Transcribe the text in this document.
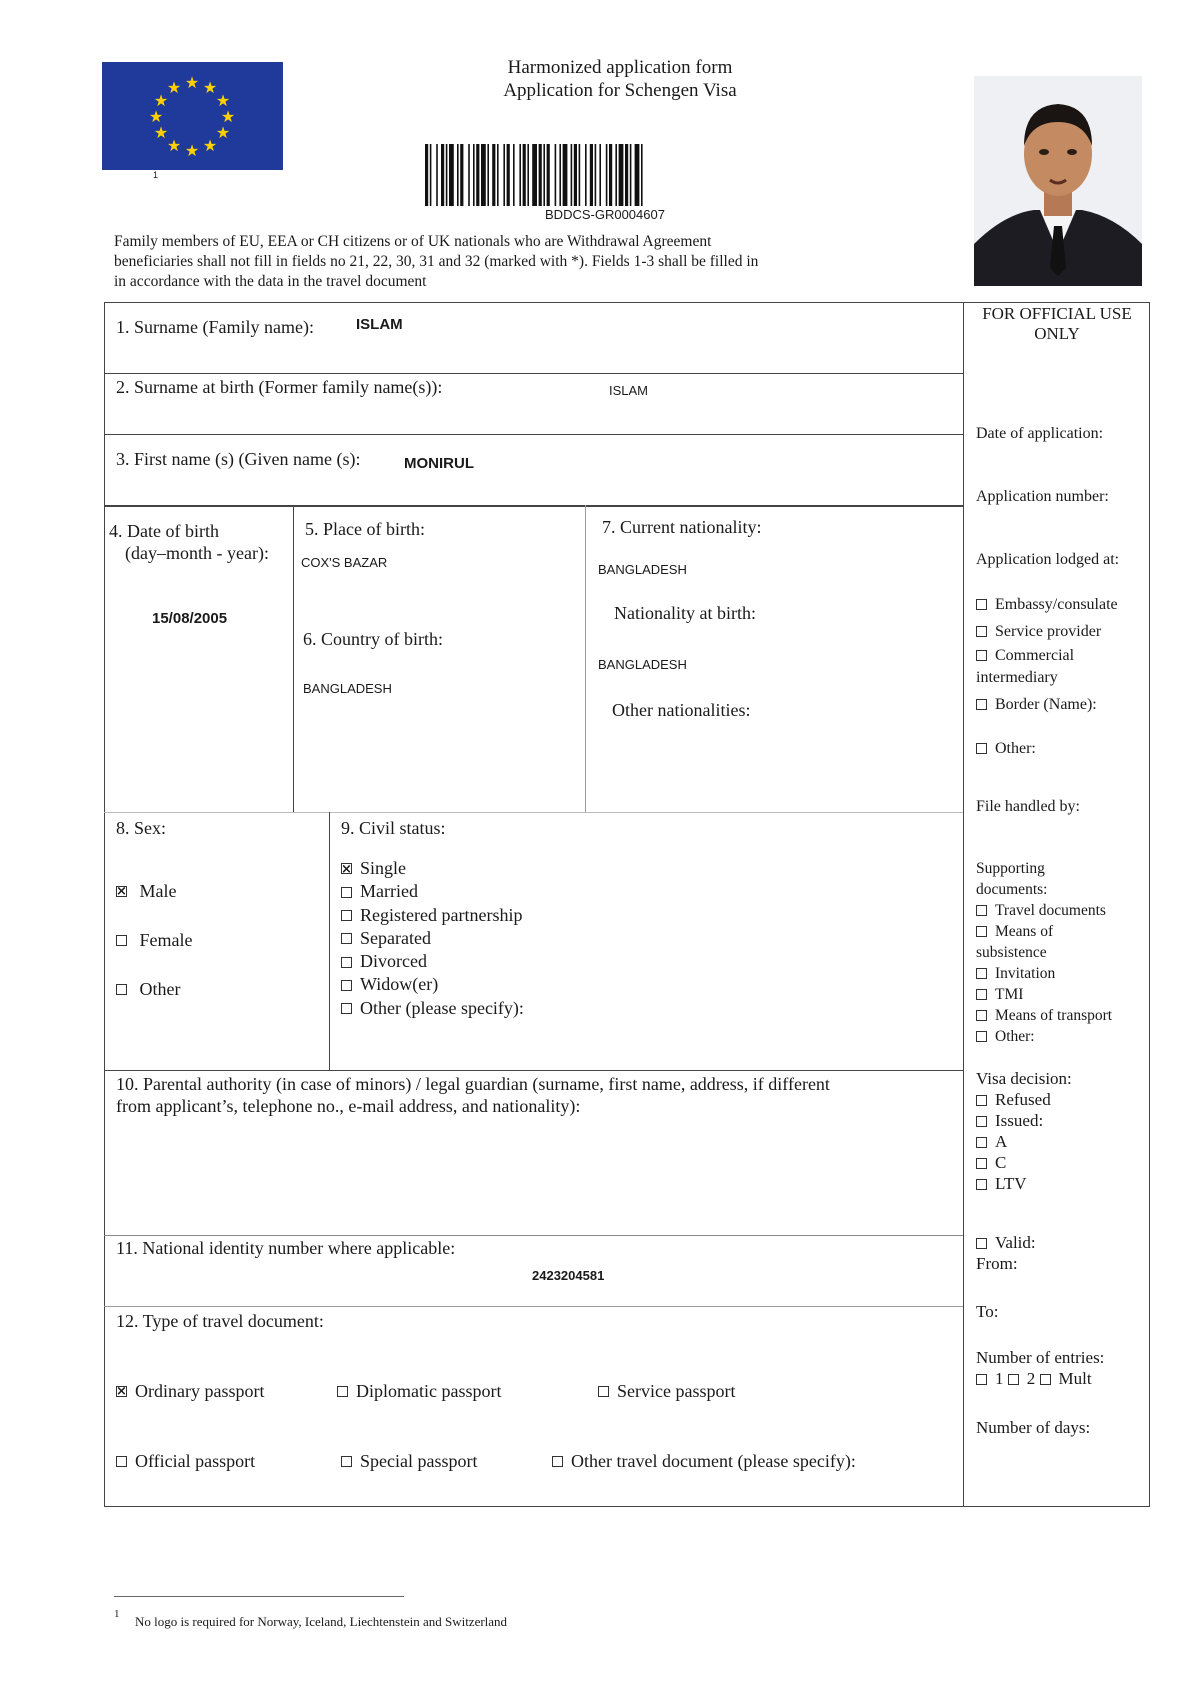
★ ★
★
★
★
★
★
★
★
★
★
★
1
Harmonized application form
Application for Schengen Visa
BDDCS-GR0004607
Family members of EU, EEA or CH citizens or of UK nationals who are Withdrawal Agreement
beneficiaries shall not fill in fields no 21, 22, 30, 31 and 32 (marked with *). Fields 1-3 shall be filled in
in accordance with the data in the travel document
1. Surname (Family name):	ISLAM
2. Surname at birth (Former family name(s)):	ISLAM
3. First name (s) (Given name (s):	MONIRUL
4. Date of birth
(day–month - year):
15/08/2005
5. Place of birth:
COX'S BAZAR
6. Country of birth:
BANGLADESH
7. Current nationality:
BANGLADESH
Nationality at birth:
BANGLADESH
Other nationalities:
8. Sex:
× Male
Female
Other
9. Civil status:
×Single
Married
Registered partnership
Separated
Divorced
Widow(er)
Other (please specify):
10. Parental authority (in case of minors) / legal guardian (surname, first name, address, if different
from applicant’s, telephone no., e-mail address, and nationality):
11. National identity number where applicable:
2423204581
12. Type of travel document:
×Ordinary passport	Diplomatic passport	Service passport
Official passport	Special passport	Other travel document (please specify):
FOR OFFICIAL USE
ONLY
Date of application:
Application number:
Application lodged at:
Embassy/consulate
Service provider
Commercial
intermediary
Border (Name):
Other:
File handled by:
Supporting
documents:
Travel documents
Means of
subsistence
Invitation
TMI
Means of transport
Other:
Visa decision:
Refused
Issued:
A
C
LTV
Valid:
From:
To:
Number of entries:
1 2 Mult
Number of days:
1 No logo is required for Norway, Iceland, Liechtenstein and Switzerland
